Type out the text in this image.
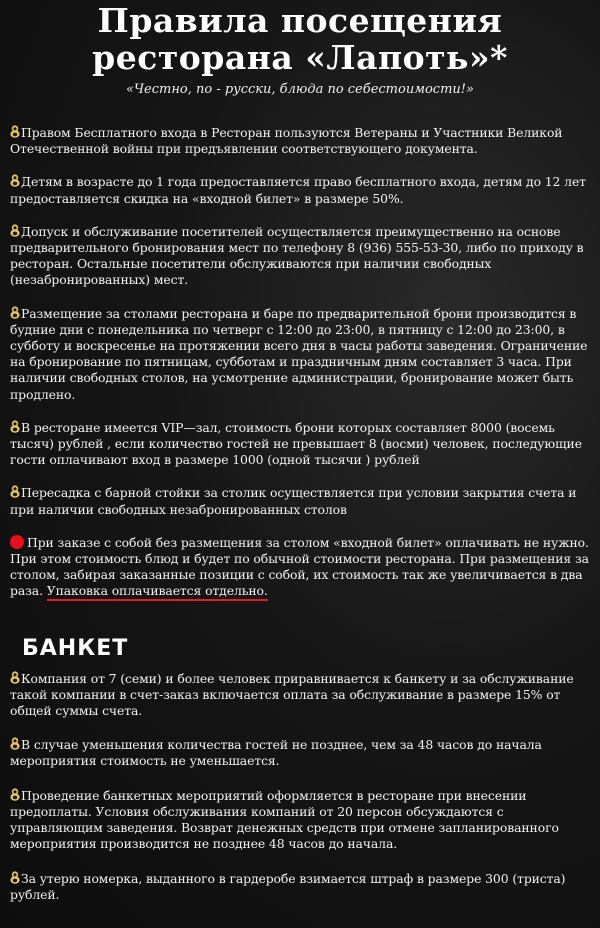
Правила посещения
ресторана «Лапоть»*
«Честно, по - русски, блюда по себестоимости!»

Правом Бесплатного входа в Ресторан пользуются Ветераны и Участники Великой Отечественной войны при предъявлении соответствующего документа.

Детям в возрасте до 1 года предоставляется право бесплатного входа, детям до 12 лет предоставляется скидка на «входной билет» в размере 50%.

Допуск и обслуживание посетителей осуществляется преимущественно на основе предварительного бронирования мест по телефону 8 (936) 555-53-30, либо по приходу в ресторан. Остальные посетители обслуживаются при наличии свободных (незабронированных) мест.

Размещение за столами ресторана и баре по предварительной брони производится в будние дни с понедельника по четверг с 12:00 до 23:00, в пятницу с 12:00 до 23:00, в субботу и воскресенье на протяжении всего дня в часы работы заведения. Ограничение на бронирование по пятницам, субботам и праздничным дням составляет 3 часа. При наличии свободных столов, на усмотрение администрации, бронирование может быть продлено.

В ресторане имеется VIP—зал, стоимость брони которых составляет 8000 (восемь тысяч) рублей , если количество гостей не превышает 8 (восми) человек, последующие гости оплачивают вход в размере 1000 (одной тысячи ) рублей

Пересадка с барной стойки за столик осуществляется при условии закрытия счета и при наличии свободных незабронированных столов

При заказе с собой без размещения за столом «входной билет» оплачивать не нужно. При этом стоимость блюд и будет по обычной стоимости ресторана. При размещения за столом, забирая заказанные позиции с собой, их стоимость так же увеличивается в два раза. Упаковка оплачивается отдельно.

БАНКЕТ

Компания от 7 (семи) и более человек приравнивается к банкету и за обслуживание такой компании в счет-заказ включается оплата за обслуживание в размере 15% от общей суммы счета.

В случае уменьшения количества гостей не позднее, чем за 48 часов до начала мероприятия стоимость не уменьшается.

Проведение банкетных мероприятий оформляется в ресторане при внесении предоплаты. Условия обслуживания компаний от 20 персон обсуждаются с управляющим заведения. Возврат денежных средств при отмене запланированного мероприятия производится не позднее 48 часов до начала.

За утерю номерка, выданного в гардеробе взимается штраф в размере 300 (триста) рублей.
